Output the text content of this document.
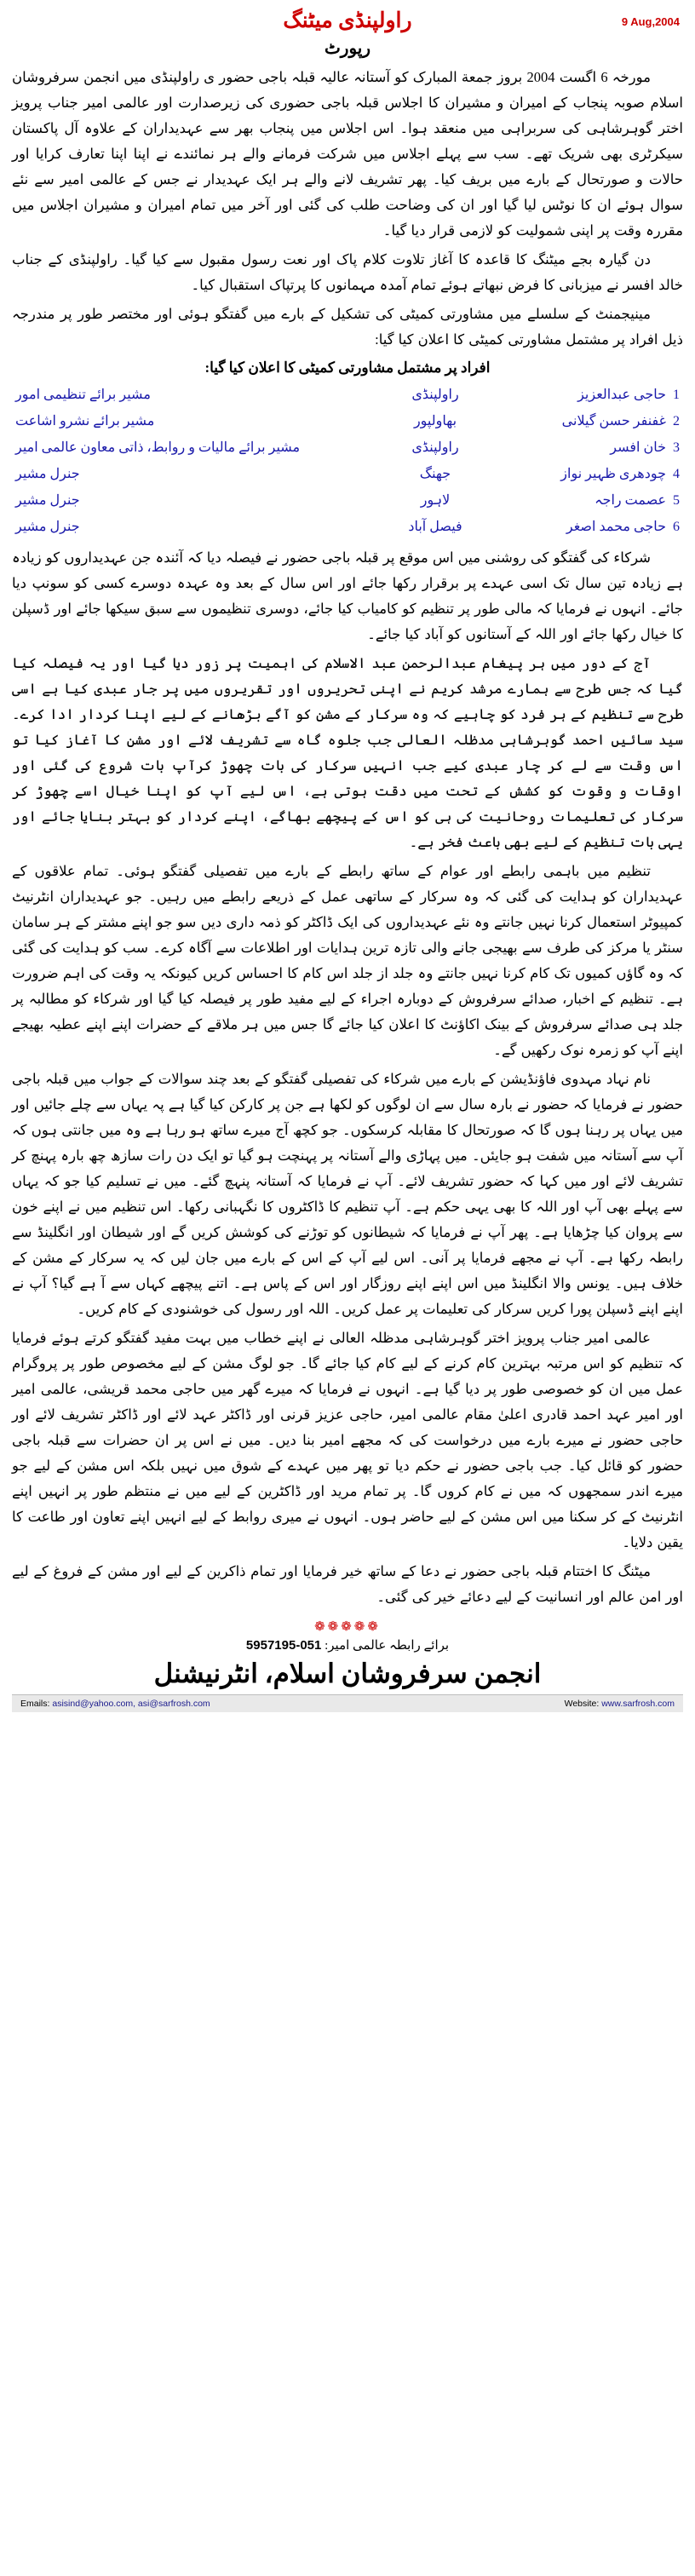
راولپنڈی میٹنگ	9 Aug,2004
رپورٹ

مورخہ 6 اگست 2004 بروز جمعة المبارک کو آستانہ عالیہ قبلہ باجی حضور ی راولپنڈی میں انجمن سرفروشان اسلام صوبہ پنجاب کے امیران و مشیران کا اجلاس قبلہ باجی حضوری کی زیرصدارت اور عالمی امیر جناب پرویز اختر گوہرشاہی کی سربراہی میں منعقد ہوا۔ اس اجلاس میں پنجاب بھر سے عہدیداران کے علاوہ آل پاکستان سیکرٹری بھی شریک تھے۔ سب سے پہلے اجلاس میں شرکت فرمانے والے ہر نمائندے نے اپنا اپنا تعارف کرایا اور حالات و صورتحال کے بارے میں بریف کیا۔ پھر تشریف لانے والے ہر ایک عہدیدار نے جس کے عالمی امیر سے نئے سوال ہوئے ان کا نوٹس لیا گیا اور ان کی وضاحت طلب کی گئی اور آخر میں تمام امیران و مشیران اجلاس میں مقررہ وقت پر اپنی شمولیت کو لازمی قرار دیا گیا۔

دن گیارہ بجے میٹنگ کا قاعدہ کا آغاز تلاوت کلام پاک اور نعت رسول مقبول سے کیا گیا۔ راولپنڈی کے جناب خالد افسر نے میزبانی کا فرض نبھاتے ہوئے تمام آمدہ مہمانوں کا پرتپاک استقبال کیا۔

مینیجمنٹ کے سلسلے میں مشاورتی کمیٹی کی تشکیل کے بارے میں گفتگو ہوئی اور مختصر طور پر مندرجہ ذیل افراد پر مشتمل مشاورتی کمیٹی کا اعلان کیا گیا:

افراد پر مشتمل مشاورتی کمیٹی کا اعلان کیا گیا:
1	حاجی عبدالعزیز	راولپنڈی	مشیر برائے تنظیمی امور
2	غفنفر حسن گیلانی	بھاولپور	مشیر برائے نشرو اشاعت
3	خان افسر	راولپنڈی	مشیر برائے مالیات و روابط، ذاتی معاون عالمی امیر
4	چودھری ظہیر نواز	جھنگ	جنرل مشیر
5	عصمت راجہ	لاہور	جنرل مشیر
6	حاجی محمد اصغر	فیصل آباد	جنرل مشیر

شرکاء کی گفتگو کی روشنی میں اس موقع پر قبلہ باجی حضور نے فیصلہ دیا کہ آئندہ جن عہدیداروں کو زیادہ ہے زیادہ تین سال تک اسی عہدے پر برقرار رکھا جائے اور اس سال کے بعد وہ عہدہ دوسرے کسی کو سونپ دیا جائے۔ انہوں نے فرمایا کہ مالی طور پر تنظیم کو کامیاب کیا جائے، دوسری تنظیموں سے سبق سیکھا جائے اور ڈسپلن کا خیال رکھا جائے اور اللہ کے آستانوں کو آباد کیا جائے۔

آج کے دور میں ہر پیغام عبدالرحمن عبد الاسلام کی اہمیت پر زور دیا گیا اور یہ فیصلہ کیا گیا کہ جس طرح سے ہمارے مرشد کریم نے اپنی تحریروں اور تقریروں میں پر جار عبدی کیا ہے اسی طرح سے تنظیم کے ہر فرد کو چاہیے کہ وہ سرکار کے مشن کو آگے بڑھانے کے لیے اپنا کردار ادا کرے۔ سید سائیں احمد گوہرشاہی مدظلہ العالی جب جلوہ گاہ سے تشریف لائے اور مشن کا آغاز کیا تو اس وقت سے لے کر چار عبدی کیے جب انہیں سرکار کی بات چھوڑ کرآپ بات شروع کی گئی اور اوقات و وقوت کو کشش کے تحت میں دقت ہوتی ہے، اس لیے آپ کو اپنا خیال اسے چھوڑ کر سرکار کی تعلیمات روحانیت کی ہی کو اس کے پیچھے بھاگے، اپنے کردار کو بہتر بنایا جائے اور یہی بات تنظیم کے لیے بھی باعث فخر ہے۔

تنظیم میں باہمی رابطے اور عوام کے ساتھ رابطے کے بارے میں تفصیلی گفتگو ہوئی۔ تمام علاقوں کے عہدیداران کو ہدایت کی گئی کہ وہ سرکار کے ساتھی عمل کے ذریعے رابطے میں رہیں۔ جو عہدیداران انٹرنیٹ کمپیوٹر استعمال کرنا نہیں جانتے وہ نئے عہدیداروں کی ایک ڈاکٹر کو ذمہ داری دیں سو جو اپنے مشتر کے ہر سامان سنٹر یا مرکز کی طرف سے بھیجی جانے والی تازہ ترین ہدایات اور اطلاعات سے آگاہ کرے۔ سب کو ہدایت کی گئی کہ وہ گاؤں کمیوں تک کام کرنا نہیں جانتے وہ جلد از جلد اس کام کا احساس کریں کیونکہ یہ وقت کی اہم ضرورت ہے۔ تنظیم کے اخبار، صدائے سرفروش کے دوبارہ اجراء کے لیے مفید طور پر فیصلہ کیا گیا اور شرکاء کو مطالبہ پر جلد ہی صدائے سرفروش کے بینک اکاؤنٹ کا اعلان کیا جائے گا جس میں ہر ملاقے کے حضرات اپنے اپنے عطیہ بھیجے اپنے آپ کو زمرہ نوک رکھیں گے۔

نام نہاد مہدوی فاؤنڈیشن کے بارے میں شرکاء کی تفصیلی گفتگو کے بعد چند سوالات کے جواب میں قبلہ باجی حضور نے فرمایا کہ حضور نے بارہ سال سے ان لوگوں کو لکھا ہے جن پر کارکن کیا گیا ہے پہ یہاں سے چلے جائیں اور میں یہاں پر رہنا ہوں گا کہ صورتحال کا مقابلہ کرسکوں۔ جو کچھ آج میرے ساتھ ہو رہا ہے وہ میں جانتی ہوں کہ آپ سے آستانہ میں شفت ہو جایئں۔ میں پہاڑی والے آستانہ پر پہنچت ہو گیا تو ایک دن رات سازھ چھ بارہ پہنچ کر تشریف لائے اور میں کہا کہ حضور تشریف لائے۔ آپ نے فرمایا کہ آستانہ پنہچ گئے۔ میں نے تسلیم کیا جو کہ یہاں سے پہلے بھی آپ اور اللہ کا بھی یہی حکم ہے۔ آپ تنظیم کا ڈاکٹروں کا نگہبانی رکھا۔ اس تنظیم میں نے اپنے خون سے پروان کیا چڑھایا ہے۔ پھر آپ نے فرمایا کہ شیطانوں کو توڑنے کی کوشش کریں گے اور شیطان اور انگلینڈ سے رابطہ رکھا ہے۔ آپ نے مجھے فرمایا پر آنی۔ اس لیے آپ کے اس کے بارے میں جان لیں کہ یہ سرکار کے مشن کے خلاف ہیں۔ یونس والا انگلینڈ میں اس اپنے اپنے روزگار اور اس کے پاس ہے۔ اتنے پیچھے کہاں سے آ ہے گیا؟ آپ نے اپنے اپنے ڈسپلن پورا کریں سرکار کی تعلیمات پر عمل کریں۔ اللہ اور رسول کی خوشنودی کے کام کریں۔

عالمی امیر جناب پرویز اختر گوہرشاہی مدظلہ العالی نے اپنے خطاب میں بہت مفید گفتگو کرتے ہوئے فرمایا کہ تنظیم کو اس مرتبہ بہترین کام کرنے کے لیے کام کیا جائے گا۔ جو لوگ مشن کے لیے مخصوص طور پر پروگرام عمل میں ان کو خصوصی طور پر دیا گیا ہے۔ انہوں نے فرمایا کہ میرے گھر میں حاجی محمد قریشی، عالمی امیر اور امیر عہد احمد قادری اعلیٰ مقام عالمی امیر، حاجی عزیز قرنی اور ڈاکٹر عہد لائے اور ڈاکٹر تشریف لائے اور حاجی حضور نے میرے بارے میں درخواست کی کہ مجھے امیر بنا دیں۔ میں نے اس پر ان حضرات سے قبلہ باجی حضور کو قائل کیا۔ جب باجی حضور نے حکم دیا تو پھر میں عہدے کے شوق میں نہیں بلکہ اس مشن کے لیے جو میرے اندر سمجھوں کہ میں نے کام کروں گا۔ پر تمام مرید اور ڈاکٹرین کے لیے میں نے منتظم طور پر انہیں اپنے انٹرنیٹ کے کر سکنا میں اس مشن کے لیے حاضر ہوں۔ انہوں نے میری روابط کے لیے انہیں اپنے تعاون اور طاعت کا یقین دلایا۔

میٹنگ کا اختتام قبلہ باجی حضور نے دعا کے ساتھ خیر فرمایا اور تمام ذاکرین کے لیے اور مشن کے فروغ کے لیے اور امن عالم اور انسانیت کے لیے دعائے خیر کی گئی۔

❁❁❁❁❁
برائے رابطہ عالمی امیر: 051-5957195
انجمن سرفروشان اسلام، انٹرنیشنل
Emails: asisind@yahoo.com, asi@sarfrosh.com	Website: www.sarfrosh.com
